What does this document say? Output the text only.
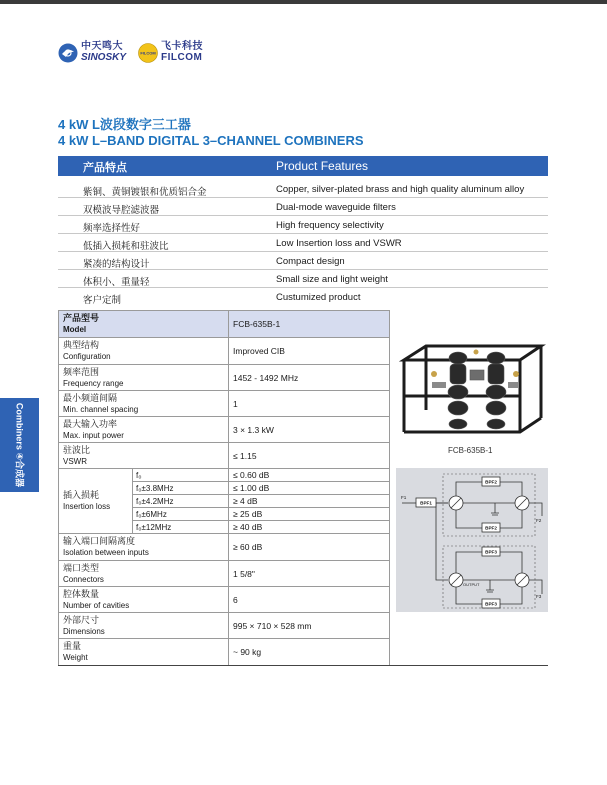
中天鸣大
SINOSKY	FILCOM
飞卡科技
FILCOM
4 kW L波段数字三工器
4 kW L–BAND DIGITAL 3–CHANNEL COMBINERS
产品特点	Product Features
紫铜、黄铜镀银和优质铝合金	Copper, silver-plated brass and high quality aluminum alloy
双模波导腔滤波器	Dual-mode waveguide filters
频率选择性好	High frequency selectivity
低插入损耗和驻波比	Low Insertion loss and VSWR
紧凑的结构设计	Compact design
体积小、重量轻	Small size and light weight
客户定制	Custumized product
产品型号
Model		FCB-635B-1

典型结构
Configuration		Improved CIB

频率范围
Frequency range		1452 - 1492 MHz

最小频道间隔
Min. channel spacing		1

最大输入功率
Max. input power		3 × 1.3 kW

驻波比
VSWR		≤ 1.15

插入损耗
Insertion loss	f₀	≤ 0.60 dB
	f₀±3.8MHz	≤ 1.00 dB
	f₀±4.2MHz	≥ 4 dB
	f₀±6MHz	≥ 25 dB
	f₀±12MHz	≥ 40 dB

输入端口间隔离度
Isolation between inputs		≥ 60 dB

端口类型
Connectors		1 5/8"

腔体数量
Number of cavities		6

外部尺寸
Dimensions		995 × 710 × 528 mm

重量
Weight		~ 90 kg
FCB-635B-1
BPF1
BPF2
BPF2
BPF3
BPF3
F1
F2
F3
OUTPUT
Combiners ④合成器
